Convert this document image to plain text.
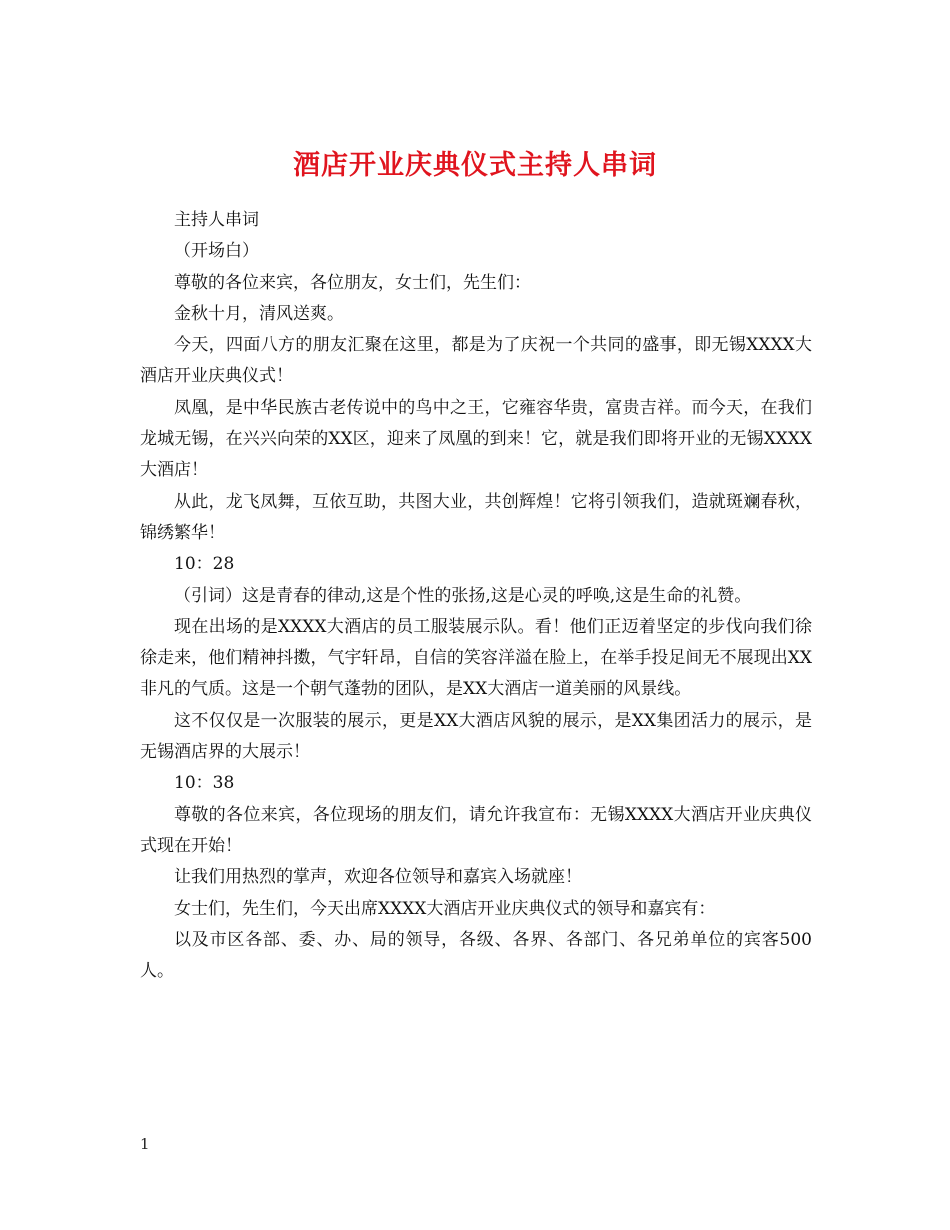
酒店开业庆典仪式主持人串词

主持人串词

（开场白）

尊敬的各位来宾，各位朋友，女士们，先生们：

金秋十月，清风送爽。

今天，四面八方的朋友汇聚在这里，都是为了庆祝一个共同的盛事，即无锡XXXX大酒店开业庆典仪式！

凤凰，是中华民族古老传说中的鸟中之王，它雍容华贵，富贵吉祥。而今天，在我们龙城无锡，在兴兴向荣的XX区，迎来了凤凰的到来！它，就是我们即将开业的无锡XXXX大酒店！

从此，龙飞凤舞，互依互助，共图大业，共创辉煌！它将引领我们，造就斑斓春秋，锦绣繁华！

10：28

（引词）这是青春的律动,这是个性的张扬,这是心灵的呼唤,这是生命的礼赞。

现在出场的是XXXX大酒店的员工服装展示队。看！他们正迈着坚定的步伐向我们徐徐走来，他们精神抖擞，气宇轩昂，自信的笑容洋溢在脸上，在举手投足间无不展现出XX非凡的气质。这是一个朝气蓬勃的团队，是XX大酒店一道美丽的风景线。

这不仅仅是一次服装的展示，更是XX大酒店风貌的展示，是XX集团活力的展示，是无锡酒店界的大展示！

10：38

尊敬的各位来宾，各位现场的朋友们，请允许我宣布：无锡XXXX大酒店开业庆典仪式现在开始！

让我们用热烈的掌声，欢迎各位领导和嘉宾入场就座！

女士们，先生们，今天出席XXXX大酒店开业庆典仪式的领导和嘉宾有：

以及市区各部、委、办、局的领导，各级、各界、各部门、各兄弟单位的宾客500人。

1
